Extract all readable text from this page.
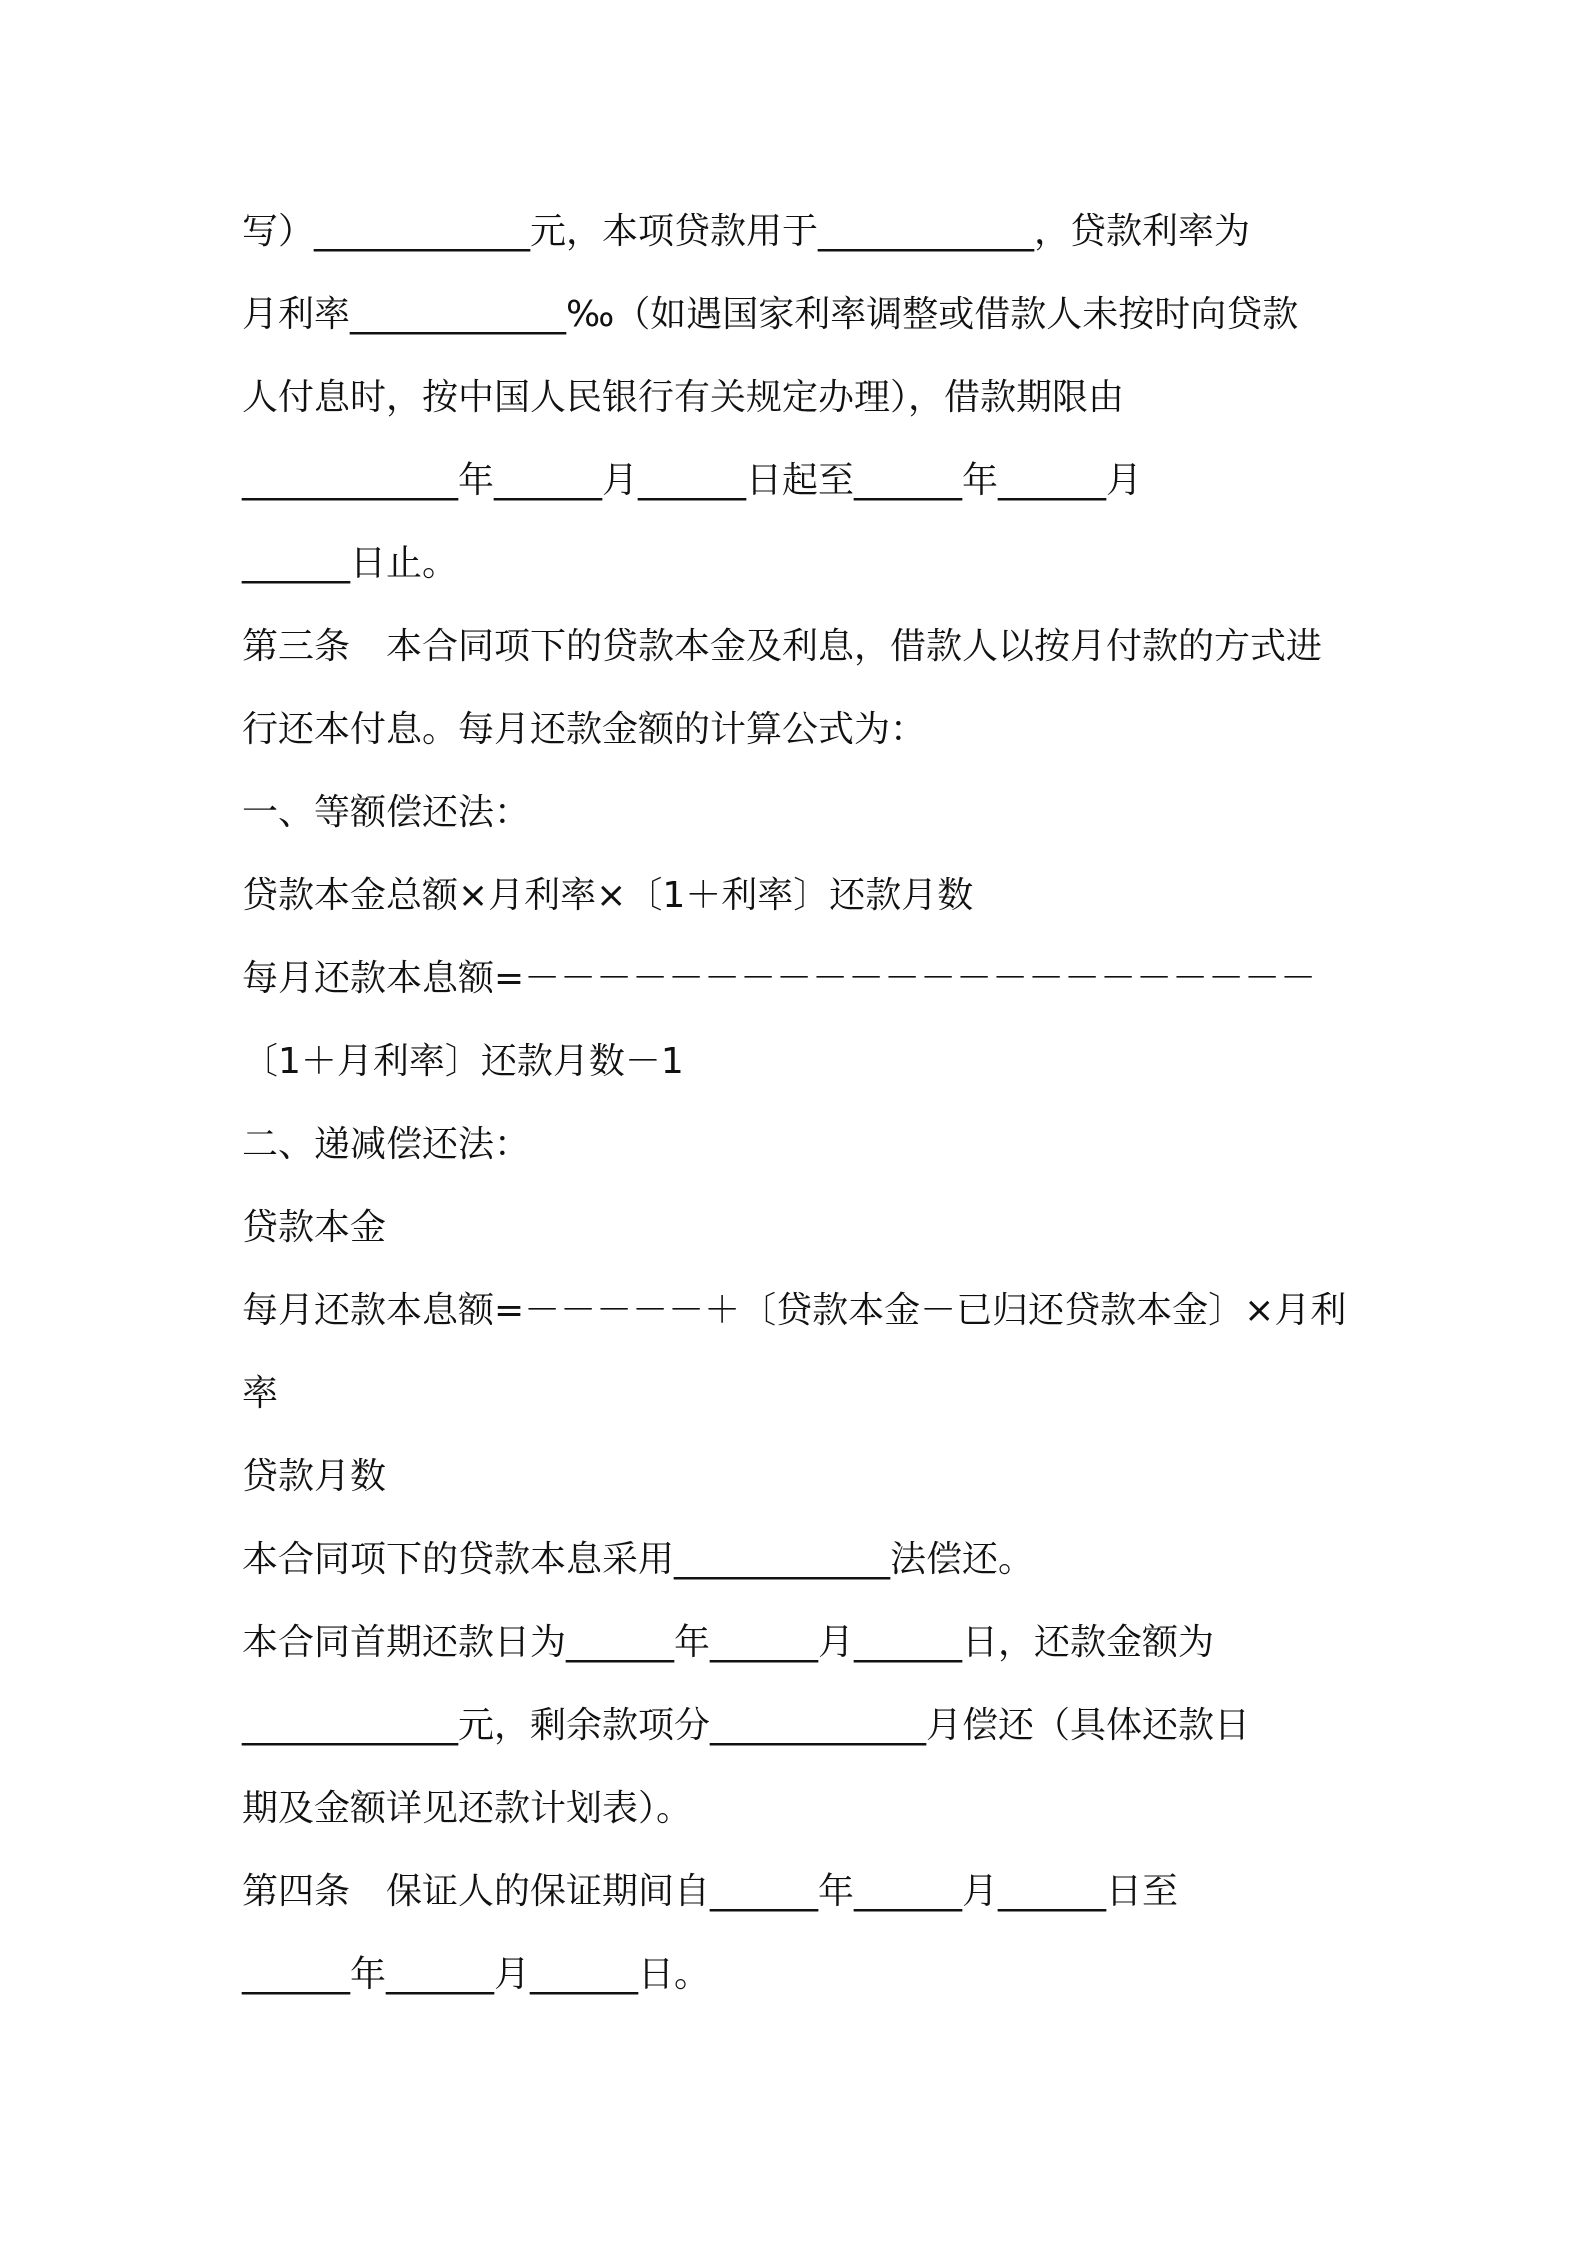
写）____________元，本项贷款用于____________，贷款利率为
月利率____________‰（如遇国家利率调整或借款人未按时向贷款
人付息时，按中国人民银行有关规定办理），借款期限由
____________年______月______日起至______年______月
______日止。
第三条　本合同项下的贷款本金及利息，借款人以按月付款的方式进
行还本付息。每月还款金额的计算公式为：
一、等额偿还法：
贷款本金总额×月利率×〔1＋利率〕还款月数
每月还款本息额=－－－－－－－－－－－－－－－－－－－－－－
〔1＋月利率〕还款月数－1
二、递减偿还法：
贷款本金
每月还款本息额=－－－－－＋〔贷款本金－已归还贷款本金〕×月利
率
贷款月数
本合同项下的贷款本息采用____________法偿还。
本合同首期还款日为______年______月______日，还款金额为
____________元，剩余款项分____________月偿还（具体还款日
期及金额详见还款计划表）。
第四条　保证人的保证期间自______年______月______日至
______年______月______日。
